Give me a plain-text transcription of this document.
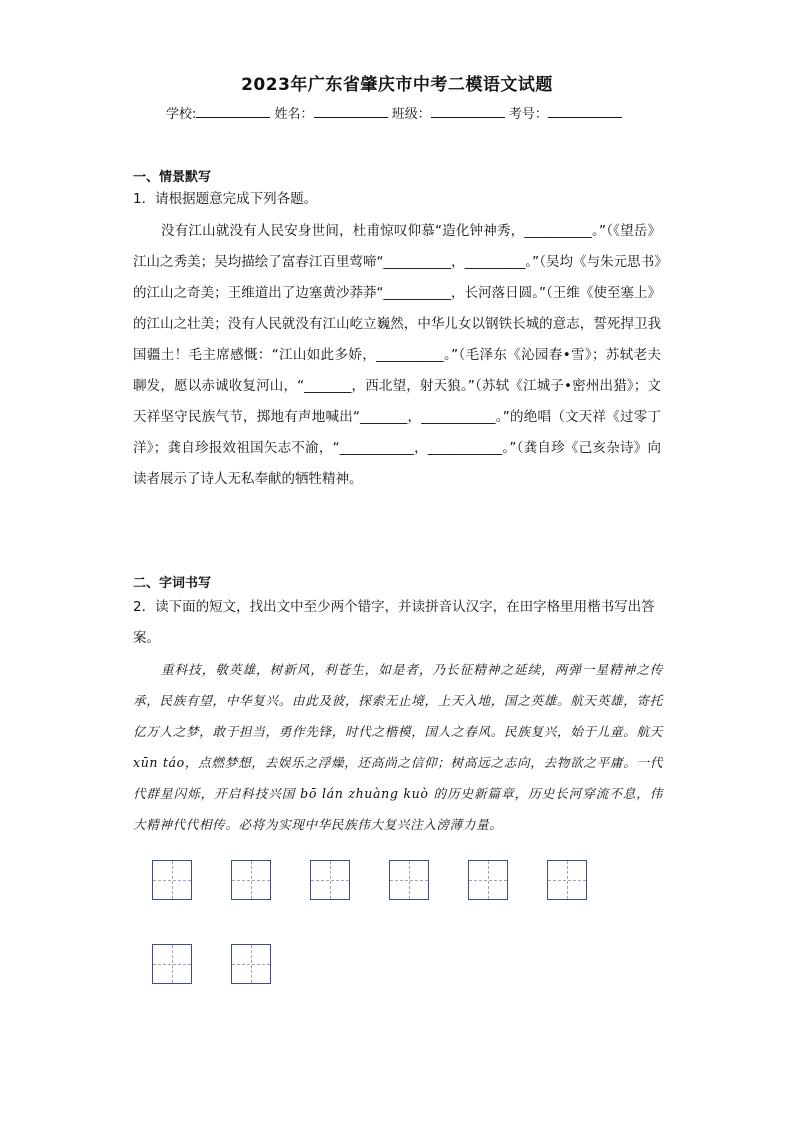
2023年广东省肇庆市中考二模语文试题
学校:	姓名：	班级：	考号：
一、情景默写
1．请根据题意完成下列各题。
没有江山就没有人民安身世间，杜甫惊叹仰慕“造化钟神秀，__________。”（《望岳》江山之秀美；吴均描绘了富春江百里莺啼“__________，_________。”（吴均《与朱元思书》的江山之奇美；王维道出了边塞黄沙莽莽“__________，长河落日圆。”（王维《使至塞上》的江山之壮美；没有人民就没有江山屹立巍然，中华儿女以钢铁长城的意志，誓死捍卫我国疆土！毛主席感慨：“江山如此多娇，__________。”（毛泽东《沁园春•雪》；苏轼老夫聊发，愿以赤诚收复河山，“_______，西北望，射天狼。”（苏轼《江城子•密州出猎》；文天祥坚守民族气节，掷地有声地喊出“_______，___________。”的绝唱（文天祥《过零丁洋》；龚自珍报效祖国矢志不渝，“___________，___________。”（龚自珍《己亥杂诗》向读者展示了诗人无私奉献的牺牲精神。
二、字词书写
2．读下面的短文，找出文中至少两个错字，并读拼音认汉字，在田字格里用楷书写出答案。
重科技，敬英雄，树新风，利苍生，如是者，乃长征精神之延续，两弹一星精神之传承，民族有望，中华复兴。由此及彼，探索无止境，上天入地，国之英雄。航天英雄，寄托亿万人之梦，敢于担当，勇作先锋，时代之楷模，国人之春风。民族复兴，始于儿童。航天 xūn táo，点燃梦想，去娱乐之浮燥，还高尚之信仰；树高远之志向，去物欲之平庸。一代代群星闪烁，开启科技兴国 bō lán zhuàng kuò 的历史新篇章，历史长河穿流不息，伟大精神代代相传。必将为实现中华民族伟大复兴注入滂薄力量。
